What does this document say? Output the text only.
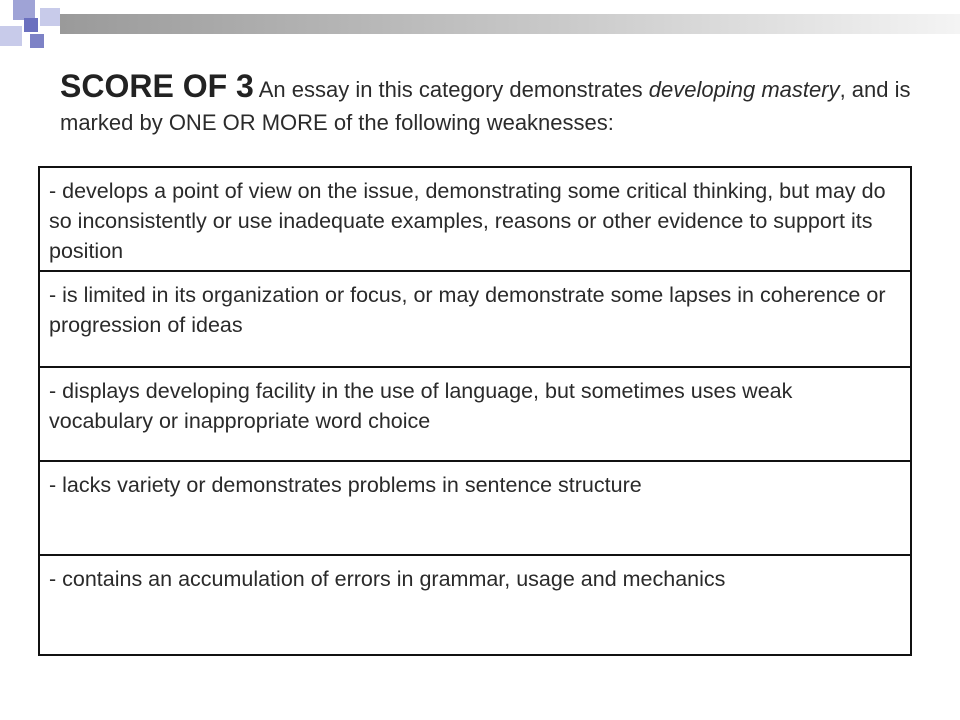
SCORE OF 3 An essay in this category demonstrates developing mastery, and is marked by ONE OR MORE of the following weaknesses:
- develops a point of view on the issue, demonstrating some critical thinking, but may do so inconsistently or use inadequate examples, reasons or other evidence to support its position
- is limited in its organization or focus, or may demonstrate some lapses in coherence or progression of ideas
- displays developing facility in the use of language, but sometimes uses weak vocabulary or inappropriate word choice
- lacks variety or demonstrates problems in sentence structure
- contains an accumulation of errors in grammar, usage and mechanics
